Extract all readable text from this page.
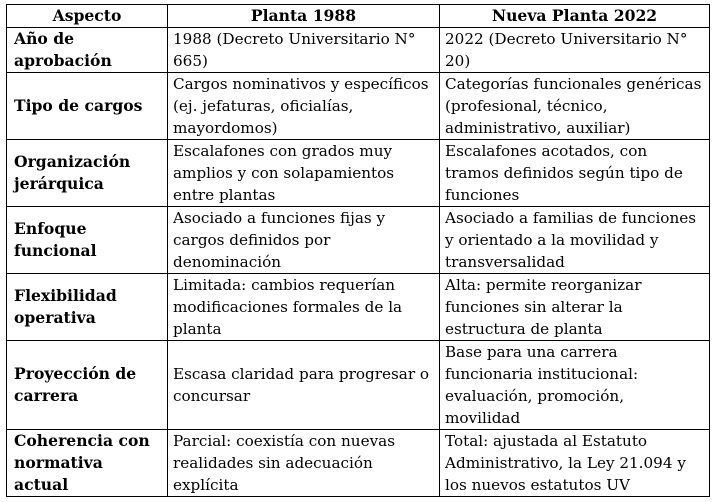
Aspecto	Planta 1988	Nueva Planta 2022
Año de aprobación	1988 (Decreto Universitario N° 665)	2022 (Decreto Universitario N° 20)
Tipo de cargos	Cargos nominativos y específicos (ej. jefaturas, oficialías, mayordomos)	Categorías funcionales genéricas (profesional, técnico, administrativo, auxiliar)
Organización jerárquica	Escalafones con grados muy amplios y con solapamientos entre plantas	Escalafones acotados, con tramos definidos según tipo de funciones
Enfoque funcional	Asociado a funciones fijas y cargos definidos por denominación	Asociado a familias de funciones y orientado a la movilidad y transversalidad
Flexibilidad operativa	Limitada: cambios requerían modificaciones formales de la planta	Alta: permite reorganizar funciones sin alterar la estructura de planta
Proyección de carrera	Escasa claridad para progresar o concursar	Base para una carrera funcionaria institucional: evaluación, promoción, movilidad
Coherencia con normativa actual	Parcial: coexistía con nuevas realidades sin adecuación explícita	Total: ajustada al Estatuto Administrativo, la Ley 21.094 y los nuevos estatutos UV
